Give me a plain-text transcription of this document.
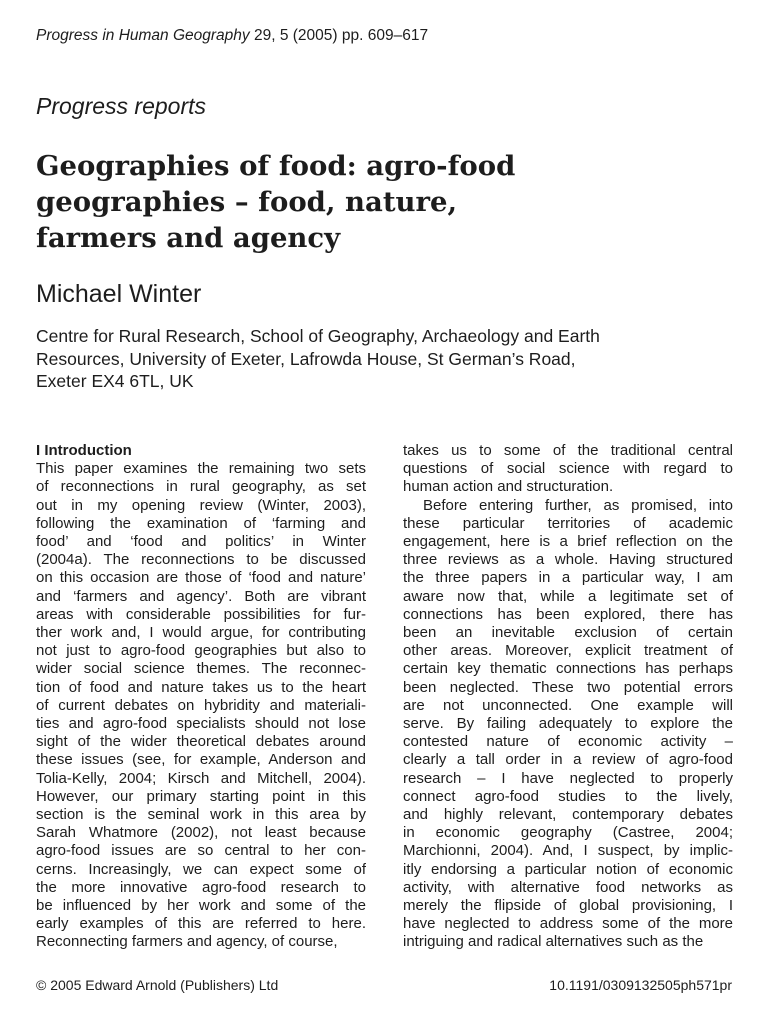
Progress in Human Geography 29, 5 (2005) pp. 609–617
Progress reports
Geographies of food: agro-food
geographies – food, nature,
farmers and agency
Michael Winter
Centre for Rural Research, School of Geography, Archaeology and Earth
Resources, University of Exeter, Lafrowda House, St German’s Road,
Exeter EX4 6TL, UK
I Introduction
This paper examines the remaining two sets
of reconnections in rural geography, as set
out in my opening review (Winter, 2003),
following the examination of ‘farming and
food’ and ‘food and politics’ in Winter
(2004a). The reconnections to be discussed
on this occasion are those of ‘food and nature’
and ‘farmers and agency’. Both are vibrant
areas with considerable possibilities for fur-
ther work and, I would argue, for contributing
not just to agro-food geographies but also to
wider social science themes. The reconnec-
tion of food and nature takes us to the heart
of current debates on hybridity and materiali-
ties and agro-food specialists should not lose
sight of the wider theoretical debates around
these issues (see, for example, Anderson and
Tolia-Kelly, 2004; Kirsch and Mitchell, 2004).
However, our primary starting point in this
section is the seminal work in this area by
Sarah Whatmore (2002), not least because
agro-food issues are so central to her con-
cerns. Increasingly, we can expect some of
the more innovative agro-food research to
be influenced by her work and some of the
early examples of this are referred to here.
Reconnecting farmers and agency, of course,
takes us to some of the traditional central
questions of social science with regard to
human action and structuration.
Before entering further, as promised, into
these particular territories of academic
engagement, here is a brief reflection on the
three reviews as a whole. Having structured
the three papers in a particular way, I am
aware now that, while a legitimate set of
connections has been explored, there has
been an inevitable exclusion of certain
other areas. Moreover, explicit treatment of
certain key thematic connections has perhaps
been neglected. These two potential errors
are not unconnected. One example will
serve. By failing adequately to explore the
contested nature of economic activity –
clearly a tall order in a review of agro-food
research – I have neglected to properly
connect agro-food studies to the lively,
and highly relevant, contemporary debates
in economic geography (Castree, 2004;
Marchionni, 2004). And, I suspect, by implic-
itly endorsing a particular notion of economic
activity, with alternative food networks as
merely the flipside of global provisioning, I
have neglected to address some of the more
intriguing and radical alternatives such as the
© 2005 Edward Arnold (Publishers) Ltd	10.1191/0309132505ph571pr
